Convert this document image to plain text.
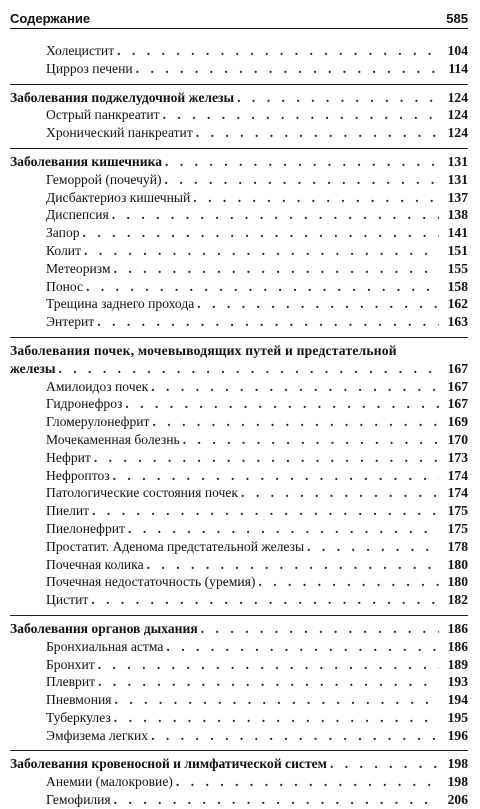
Содержание	585
Холецистит . . .	104
Цирроз печени . . .	114
Заболевания поджелудочной железы . . .	124
Острый панкреатит . . .	124
Хронический панкреатит . . .	124
Заболевания кишечника . . .	131
Геморрой (почечуй) . . .	131
Дисбактериоз кишечный . . .	137
Диспепсия . . .	138
Запор . . .	141
Колит . . .	151
Метеоризм . . .	155
Понос . . .	158
Трещина заднего прохода . . .	162
Энтерит . . .	163
Заболевания почек, мочевыводящих путей и предстательной
железы . . .	167
Амилоидоз почек . . .	167
Гидронефроз . . .	167
Гломерулонефрит . . .	169
Мочекаменная болезнь . . .	170
Нефрит . . .	173
Нефроптоз . . .	174
Патологические состояния почек . . .	174
Пиелит . . .	175
Пиелонефрит . . .	175
Простатит. Аденома предстательной железы . . .	178
Почечная колика . . .	180
Почечная недостаточность (уремия) . . .	180
Цистит . . .	182
Заболевания органов дыхания . . .	186
Бронхиальная астма . . .	186
Бронхит . . .	189
Плеврит . . .	193
Пневмония . . .	194
Туберкулез . . .	195
Эмфизема легких . . .	196
Заболевания кровеносной и лимфатической систем . . .	198
Анемии (малокровие) . . .	198
Гемофилия . . .	206
